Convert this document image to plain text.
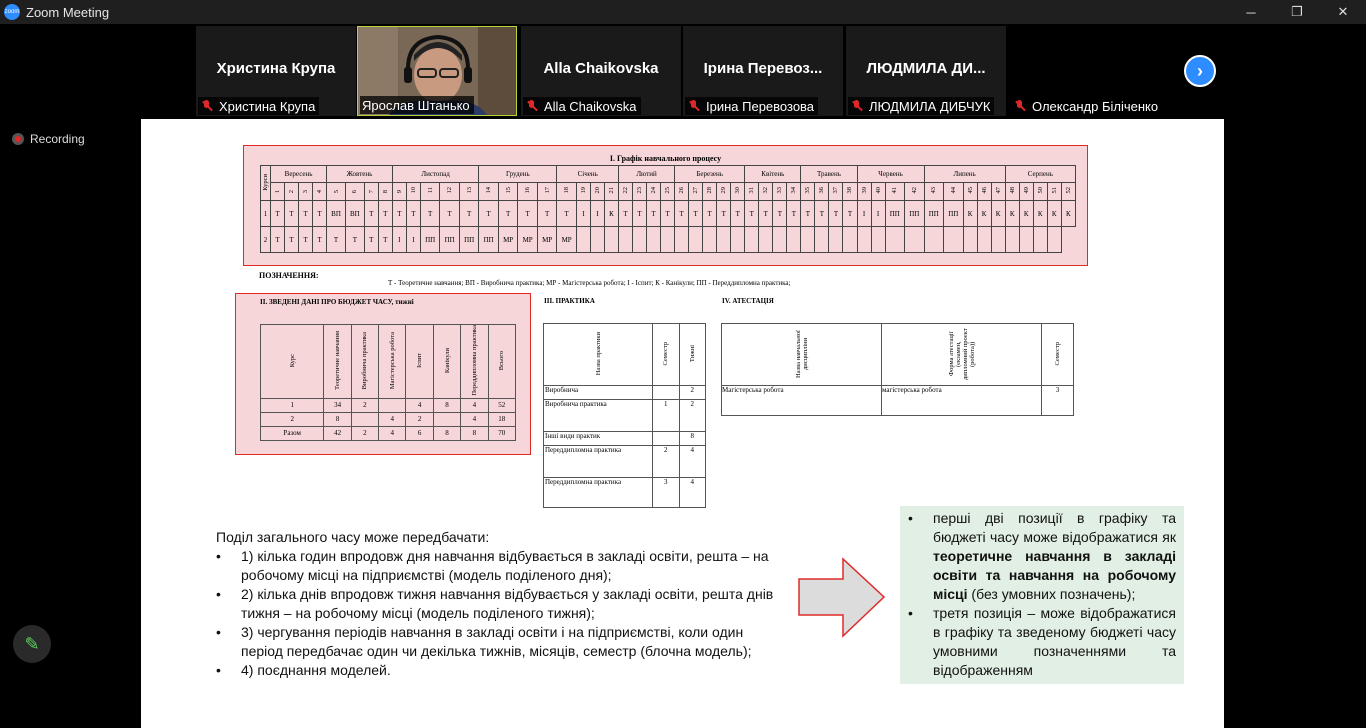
zoom Zoom Meeting	─	❐	✕
Христина Крупа
Христина Крупа	Ярослав Штанько
Alla Chaikovska
Alla Chaikovska
Ірина Перевоз...
Ірина Перевозова
ЛЮДМИЛА ДИ...
ЛЮДМИЛА ДИБЧУК	Олександр Біліченко
›
Recording
✎
І. Графік навчального процесу
Курси	Вересень				Жовтень				Листопад					Грудень				Січень				Лютий				Березень					Квітень				Травень				Червень				Липень					Серпень				
	1	2	3	4	5	6	7	8	9	10	11	12	13	14	15	16	17	18	19	20	21	22	23	24	25	26	27	28	29	30	31	32	33	34	35	36	37	38	39	40	41	42	43	44	45	46	47	48	49	50	51	52
1	Т	Т	Т	Т	ВП	ВП	Т	Т	Т	Т	Т	Т	Т	Т	Т	Т	Т	Т	І	І	К	Т	Т	Т	Т	Т	Т	Т	Т	Т	Т	Т	Т	Т	Т	Т	Т	Т	І	І	ПП	ПП	ПП	ПП	К	К	К	К	К	К	К	К
2	Т	Т	Т	Т	Т	Т	Т	Т	І	І	ПП	ПП	ПП	ПП	МР	МР	МР	МР																																		
ПОЗНАЧЕННЯ:
Т - Теоретичне навчання; ВП - Виробнича практика; МР - Магістерська робота; І - Іспит; К - Канікули; ПП - Переддипломна практика;
ІІ. ЗВЕДЕНІ ДАНІ ПРО БЮДЖЕТ ЧАСУ, тижні
Курс	Теоретичне навчання	Виробнича практика	Магістерська робота	Іспит	Канікули	Переддипломна практика	Всього
1	34	2		4	8	4	52
2	8		4	2		4	18
Разом	42	2	4	6	8	8	70
ІІІ. ПРАКТИКА
Назва практики	Семестр	Тижні
Виробнича		2
Виробнича практика	1	2
Інші види практик		8
Переддипломна практика	2	4
Переддипломна практика	3	4
IV. АТЕСТАЦІЯ
Назва навчальної дисципліни	Форма атестації (екзамен, дипломний проект (робота))	Семестр
Магістерська робота	магістерська робота	3
Поділ загального часу може передбачати:
• 1) кілька годин впродовж дня навчання відбувається в закладі освіти, решта – на робочому місці на підприємстві (модель поділеного дня);
• 2) кілька днів впродовж тижня навчання відбувається у закладі освіти, решта днів тижня – на робочому місці (модель поділеного тижня);
• 3) чергування періодів навчання в закладі освіти і на підприємстві, коли один період передбачає один чи декілька тижнів, місяців, семестр (блочна модель);
• 4) поєднання моделей.
• перші дві позиції в графіку та бюджеті часу може відображатися як теоретичне навчання в закладі освіти та навчання на робочому місці (без умовних позначень);
• третя позиція – може відображатися в графіку та зведеному бюджеті часу умовними позначеннями та відображенням
